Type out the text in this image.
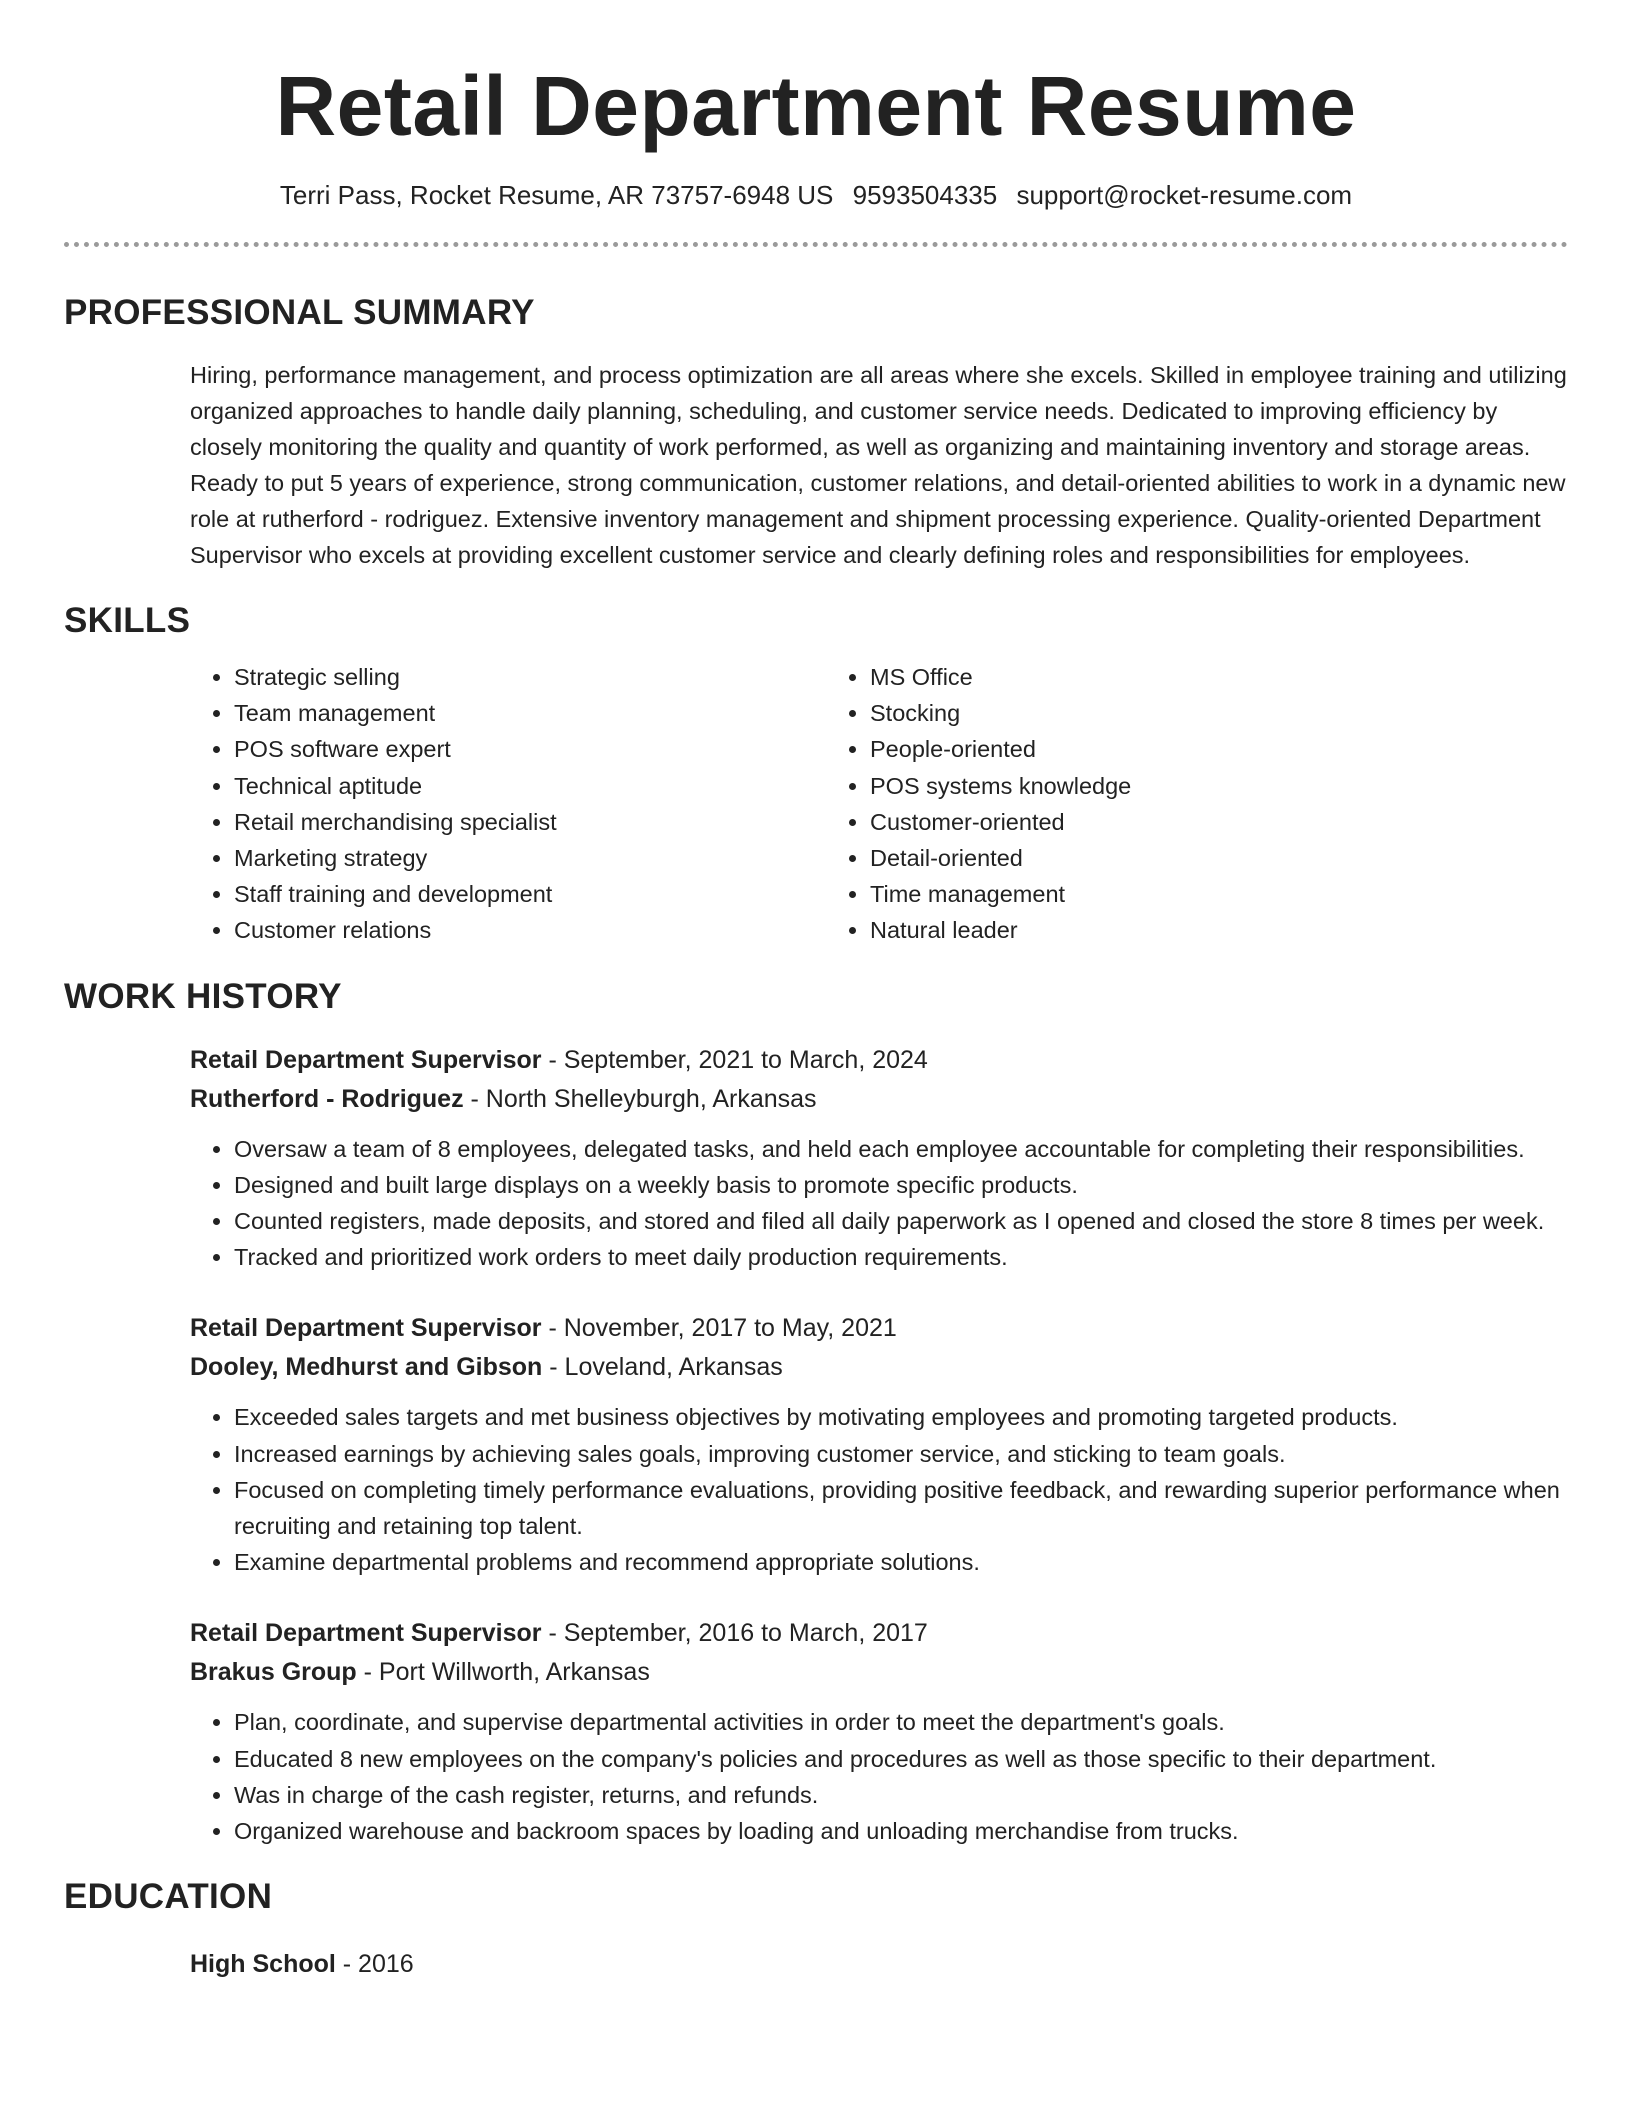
Retail Department Resume
Terri Pass, Rocket Resume, AR 73757-6948 US 9593504335 support@rocket-resume.com
PROFESSIONAL SUMMARY

Hiring, performance management, and process optimization are all areas where she excels. Skilled in employee training and utilizing organized approaches to handle daily planning, scheduling, and customer service needs. Dedicated to improving efficiency by closely monitoring the quality and quantity of work performed, as well as organizing and maintaining inventory and storage areas. Ready to put 5 years of experience, strong communication, customer relations, and detail-oriented abilities to work in a dynamic new role at rutherford - rodriguez. Extensive inventory management and shipment processing experience. Quality-oriented Department Supervisor who excels at providing excellent customer service and clearly defining roles and responsibilities for employees.

SKILLS
• Strategic selling
• Team management
• POS software expert
• Technical aptitude
• Retail merchandising specialist
• Marketing strategy
• Staff training and development
• Customer relations
• MS Office
• Stocking
• People-oriented
• POS systems knowledge
• Customer-oriented
• Detail-oriented
• Time management
• Natural leader
WORK HISTORY
Retail Department Supervisor - September, 2021 to March, 2024
Rutherford - Rodriguez - North Shelleyburgh, Arkansas
• Oversaw a team of 8 employees, delegated tasks, and held each employee accountable for completing their responsibilities.
• Designed and built large displays on a weekly basis to promote specific products.
• Counted registers, made deposits, and stored and filed all daily paperwork as I opened and closed the store 8 times per week.
• Tracked and prioritized work orders to meet daily production requirements.
Retail Department Supervisor - November, 2017 to May, 2021
Dooley, Medhurst and Gibson - Loveland, Arkansas
• Exceeded sales targets and met business objectives by motivating employees and promoting targeted products.
• Increased earnings by achieving sales goals, improving customer service, and sticking to team goals.
• Focused on completing timely performance evaluations, providing positive feedback, and rewarding superior performance when recruiting and retaining top talent.
• Examine departmental problems and recommend appropriate solutions.
Retail Department Supervisor - September, 2016 to March, 2017
Brakus Group - Port Willworth, Arkansas
• Plan, coordinate, and supervise departmental activities in order to meet the department's goals.
• Educated 8 new employees on the company's policies and procedures as well as those specific to their department.
• Was in charge of the cash register, returns, and refunds.
• Organized warehouse and backroom spaces by loading and unloading merchandise from trucks.
EDUCATION
High School - 2016
